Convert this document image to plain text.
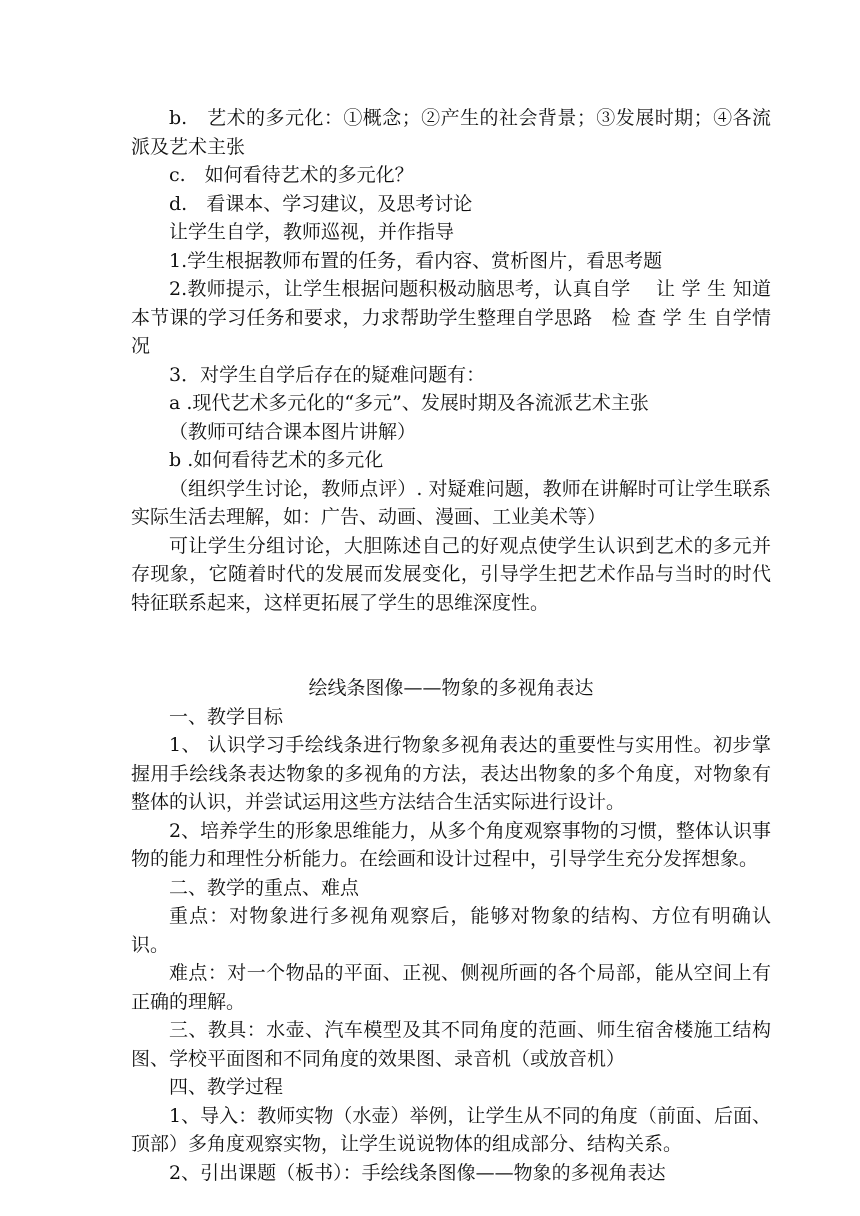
b.　艺术的多元化：①概念；②产生的社会背景；③发展时期；④各流派及艺术主张

c.　如何看待艺术的多元化？

d.　看课本、学习建议，及思考讨论

让学生自学，教师巡视，并作指导

1.学生根据教师布置的任务，看内容、赏析图片，看思考题

2.教师提示，让学生根据问题积极动脑思考，认真自学　 让 学 生 知道本节课的学习任务和要求，力求帮助学生整理自学思路　检 查 学 生 自学情况

3．对学生自学后存在的疑难问题有：

a .现代艺术多元化的“多元”、发展时期及各流派艺术主张

（教师可结合课本图片讲解）

b .如何看待艺术的多元化

（组织学生讨论，教师点评）. 对疑难问题，教师在讲解时可让学生联系实际生活去理解，如：广告、动画、漫画、工业美术等）

可让学生分组讨论，大胆陈述自己的好观点使学生认识到艺术的多元并存现象，它随着时代的发展而发展变化，引导学生把艺术作品与当时的时代特征联系起来，这样更拓展了学生的思维深度性。

绘线条图像——物象的多视角表达

一、教学目标

1、 认识学习手绘线条进行物象多视角表达的重要性与实用性。初步掌握用手绘线条表达物象的多视角的方法，表达出物象的多个角度，对物象有整体的认识，并尝试运用这些方法结合生活实际进行设计。

2、培养学生的形象思维能力，从多个角度观察事物的习惯，整体认识事物的能力和理性分析能力。在绘画和设计过程中，引导学生充分发挥想象。

二、教学的重点、难点

重点：对物象进行多视角观察后，能够对物象的结构、方位有明确认识。

难点：对一个物品的平面、正视、侧视所画的各个局部，能从空间上有正确的理解。

三、教具：水壶、汽车模型及其不同角度的范画、师生宿舍楼施工结构图、学校平面图和不同角度的效果图、录音机（或放音机）

四、教学过程

1、导入：教师实物（水壶）举例，让学生从不同的角度（前面、后面、顶部）多角度观察实物，让学生说说物体的组成部分、结构关系。

2、引出课题（板书）：手绘线条图像——物象的多视角表达
